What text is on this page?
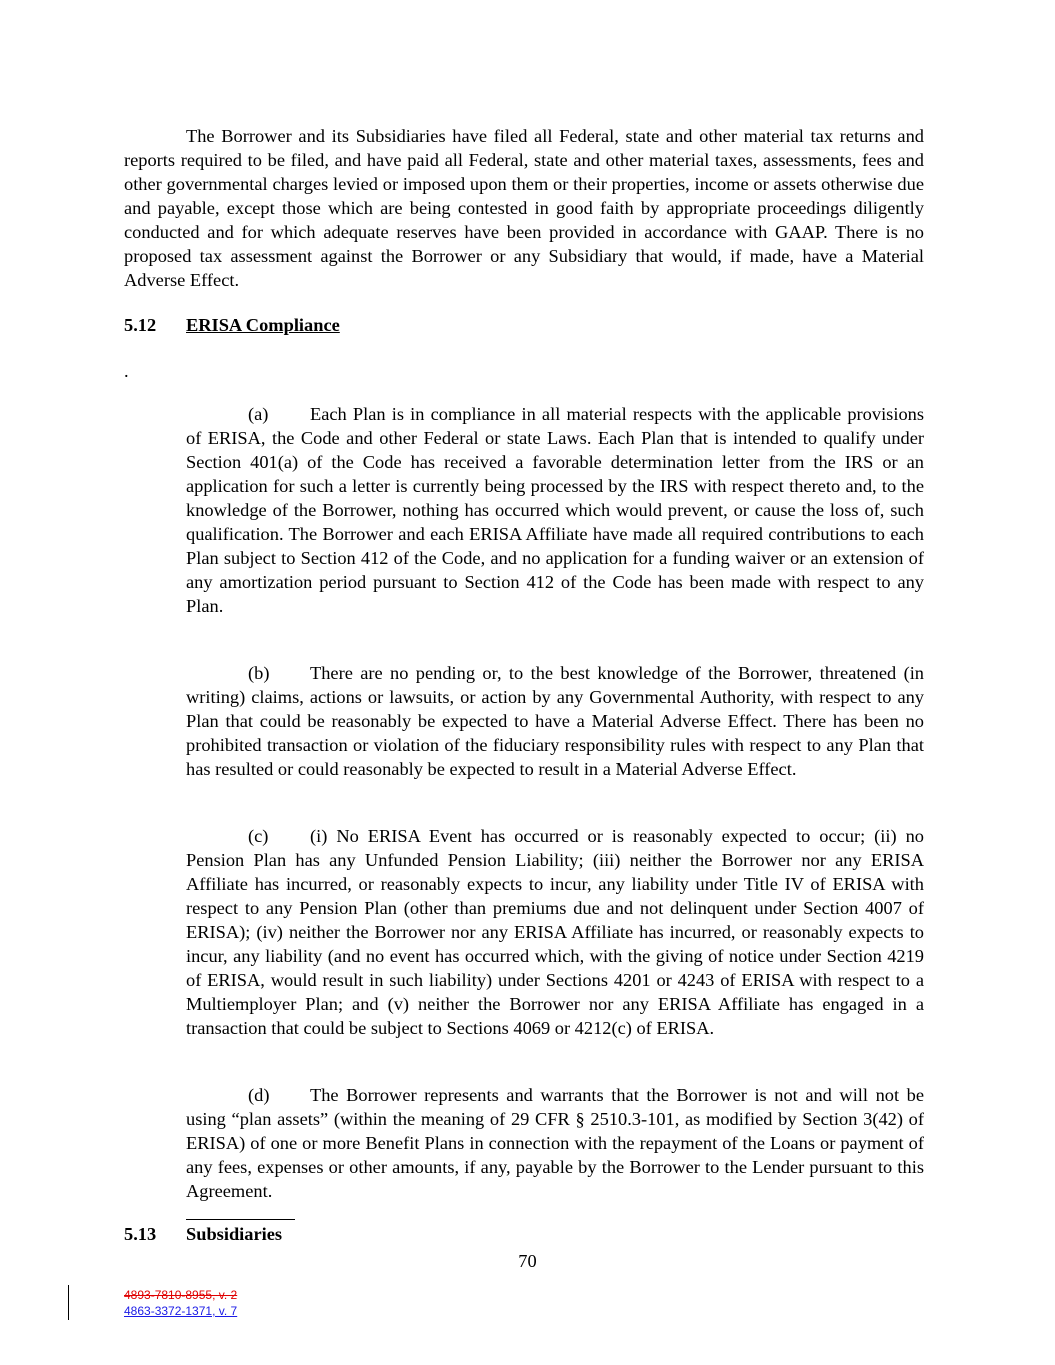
The Borrower and its Subsidiaries have filed all Federal, state and other material tax returns and reports required to be filed, and have paid all Federal, state and other material taxes, assessments, fees and other governmental charges levied or imposed upon them or their properties, income or assets otherwise due and payable, except those which are being contested in good faith by appropriate proceedings diligently conducted and for which adequate reserves have been provided in accordance with GAAP. There is no proposed tax assessment against the Borrower or any Subsidiary that would, if made, have a Material Adverse Effect.

5.12 ERISA Compliance
.

(a) Each Plan is in compliance in all material respects with the applicable provisions of ERISA, the Code and other Federal or state Laws. Each Plan that is intended to qualify under Section 401(a) of the Code has received a favorable determination letter from the IRS or an application for such a letter is currently being processed by the IRS with respect thereto and, to the knowledge of the Borrower, nothing has occurred which would prevent, or cause the loss of, such qualification. The Borrower and each ERISA Affiliate have made all required contributions to each Plan subject to Section 412 of the Code, and no application for a funding waiver or an extension of any amortization period pursuant to Section 412 of the Code has been made with respect to any Plan.

(b) There are no pending or, to the best knowledge of the Borrower, threatened (in writing) claims, actions or lawsuits, or action by any Governmental Authority, with respect to any Plan that could be reasonably be expected to have a Material Adverse Effect. There has been no prohibited transaction or violation of the fiduciary responsibility rules with respect to any Plan that has resulted or could reasonably be expected to result in a Material Adverse Effect.

(c) (i) No ERISA Event has occurred or is reasonably expected to occur; (ii) no Pension Plan has any Unfunded Pension Liability; (iii) neither the Borrower nor any ERISA Affiliate has incurred, or reasonably expects to incur, any liability under Title IV of ERISA with respect to any Pension Plan (other than premiums due and not delinquent under Section 4007 of ERISA); (iv) neither the Borrower nor any ERISA Affiliate has incurred, or reasonably expects to incur, any liability (and no event has occurred which, with the giving of notice under Section 4219 of ERISA, would result in such liability) under Sections 4201 or 4243 of ERISA with respect to a Multiemployer Plan; and (v) neither the Borrower nor any ERISA Affiliate has engaged in a transaction that could be subject to Sections 4069 or 4212(c) of ERISA.

(d) The Borrower represents and warrants that the Borrower is not and will not be using “plan assets” (within the meaning of 29 CFR § 2510.3-101, as modified by Section 3(42) of ERISA) of one or more Benefit Plans in connection with the repayment of the Loans or payment of any fees, expenses or other amounts, if any, payable by the Borrower to the Lender pursuant to this Agreement.

5.13 Subsidiaries
70
4893-7810-8955, v. 2
4863-3372-1371, v. 7
